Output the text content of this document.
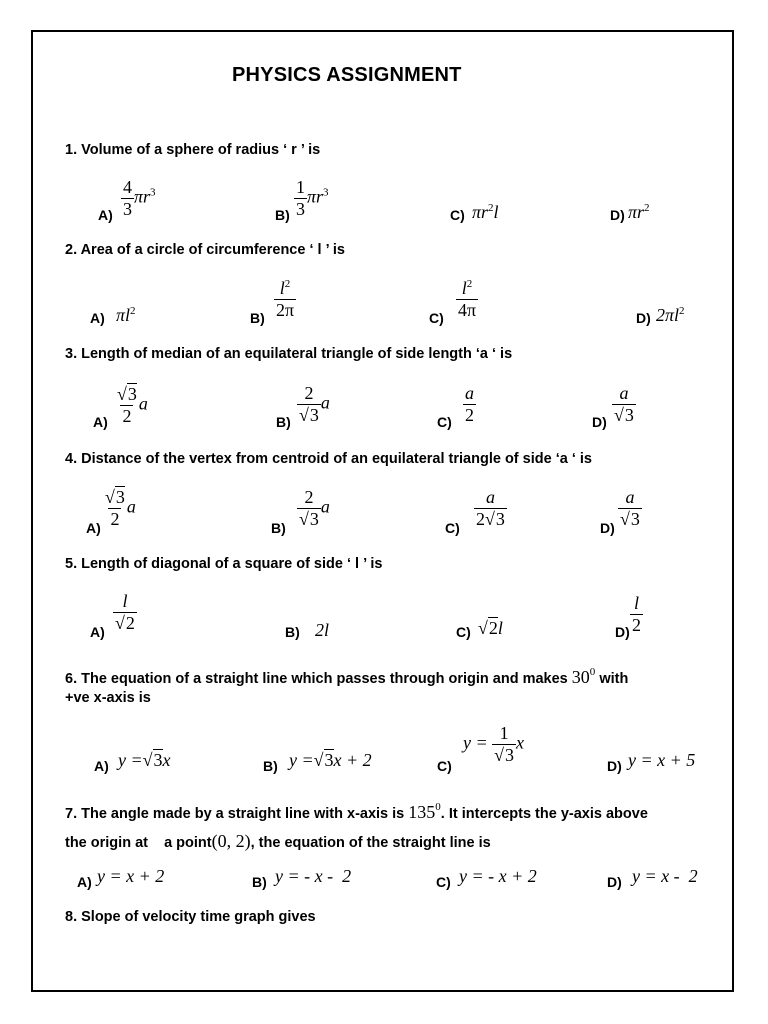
PHYSICS ASSIGNMENT
1. Volume of a sphere of radius ‘ r ’ is
$A) \frac{4}{3} \pi r^3$
$B) \frac{1}{3} \pi r^3$
C) $\pi r^2l$	D) $\pi r^2$
2. Area of a circle of circumference ‘ l ’ is
A) $\pi l^2$	$B) \frac{l^2}{2\pi}$	$C) \frac{l^2}{4\pi}$	D) $2\pi l^2$
3. Length of median of an equilateral triangle of side length ‘a ‘ is
$A) \frac{√3}{2}$ a
$B) \frac{2}{√3}$ a
$C) \frac{a}{2}$	$D) \frac{a}{√3}$
4. Distance of the vertex from centroid of an equilateral triangle of side ‘a ‘ is
$A) \frac{√3}{2}$ a
$B) \frac{2}{√3}$ a
$C) \frac{a}{2√3}$	$D) \frac{a}{√3}$
5. Length of diagonal of a square of side ‘ l ’ is
$A) \frac{l}{√2}$	B) 2l	C) √2l	$D) \frac{l}{2}$
6. The equation of a straight line which passes through origin and makes $30^0$ with
+ve x-axis is
A) y =√3x	B) y =√3x + 2	C)
$y = \frac{1}{√3}$ x
D) y = x + 5
7. The angle made by a straight line with x-axis is $135^0$. It intercepts the y-axis above
the origin at    a point(0, 2), the equation of the straight line is
A) y = x + 2	B) y = - x -  2	C) y = - x + 2	D) y = x -  2
8. Slope of velocity time graph gives
